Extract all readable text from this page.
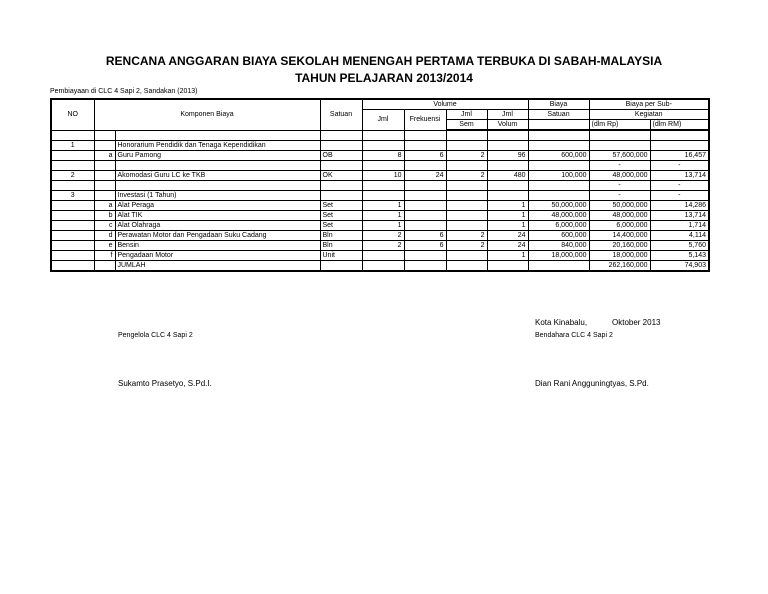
RENCANA ANGGARAN BIAYA SEKOLAH MENENGAH PERTAMA TERBUKA DI SABAH-MALAYSIA
TAHUN PELAJARAN 2013/2014
Pembiayaan di CLC 4 Sapi 2, Sandakan (2013)
NO	Komponen Biaya		Satuan	Volume				Biaya	Biaya per Sub-	
				Jml	Frekuensi	Jml	Jml	Satuan	Kegiatan	
						Sem	Volum		(dlm Rp)	(dlm RM)

1		Honorarium Pendidik dan Tenaga Kependidikan								
	a	Guru Pamong	OB	8	6	2	96	600,000	57,600,000	16,457
									-	-
2		Akomodasi Guru LC ke TKB	OK	10	24	2	480	100,000	48,000,000	13,714
									-	-
3		Investasi (1 Tahun)							-	-
	a	Alat Peraga	Set	1			1	50,000,000	50,000,000	14,286
	b	Alat TIK	Set	1			1	48,000,000	48,000,000	13,714
	c	Alat Olahraga	Set	1			1	6,000,000	6,000,000	1,714
	d	Perawatan Motor dan Pengadaan Suku Cadang	Bln	2	6	2	24	600,000	14,400,000	4,114
	e	Bensin	Bln	2	6	2	24	840,000	20,160,000	5,760
	f	Pengadaan Motor	Unit				1	18,000,000	18,000,000	5,143
		JUMLAH							262,160,000	74,903
Kota Kinabalu,	Oktober 2013
Pengelola CLC 4 Sapi 2	Bendahara CLC 4 Sapi 2
Sukamto Prasetyo, S.Pd.I.	Dian Rani Angguningtyas, S.Pd.
